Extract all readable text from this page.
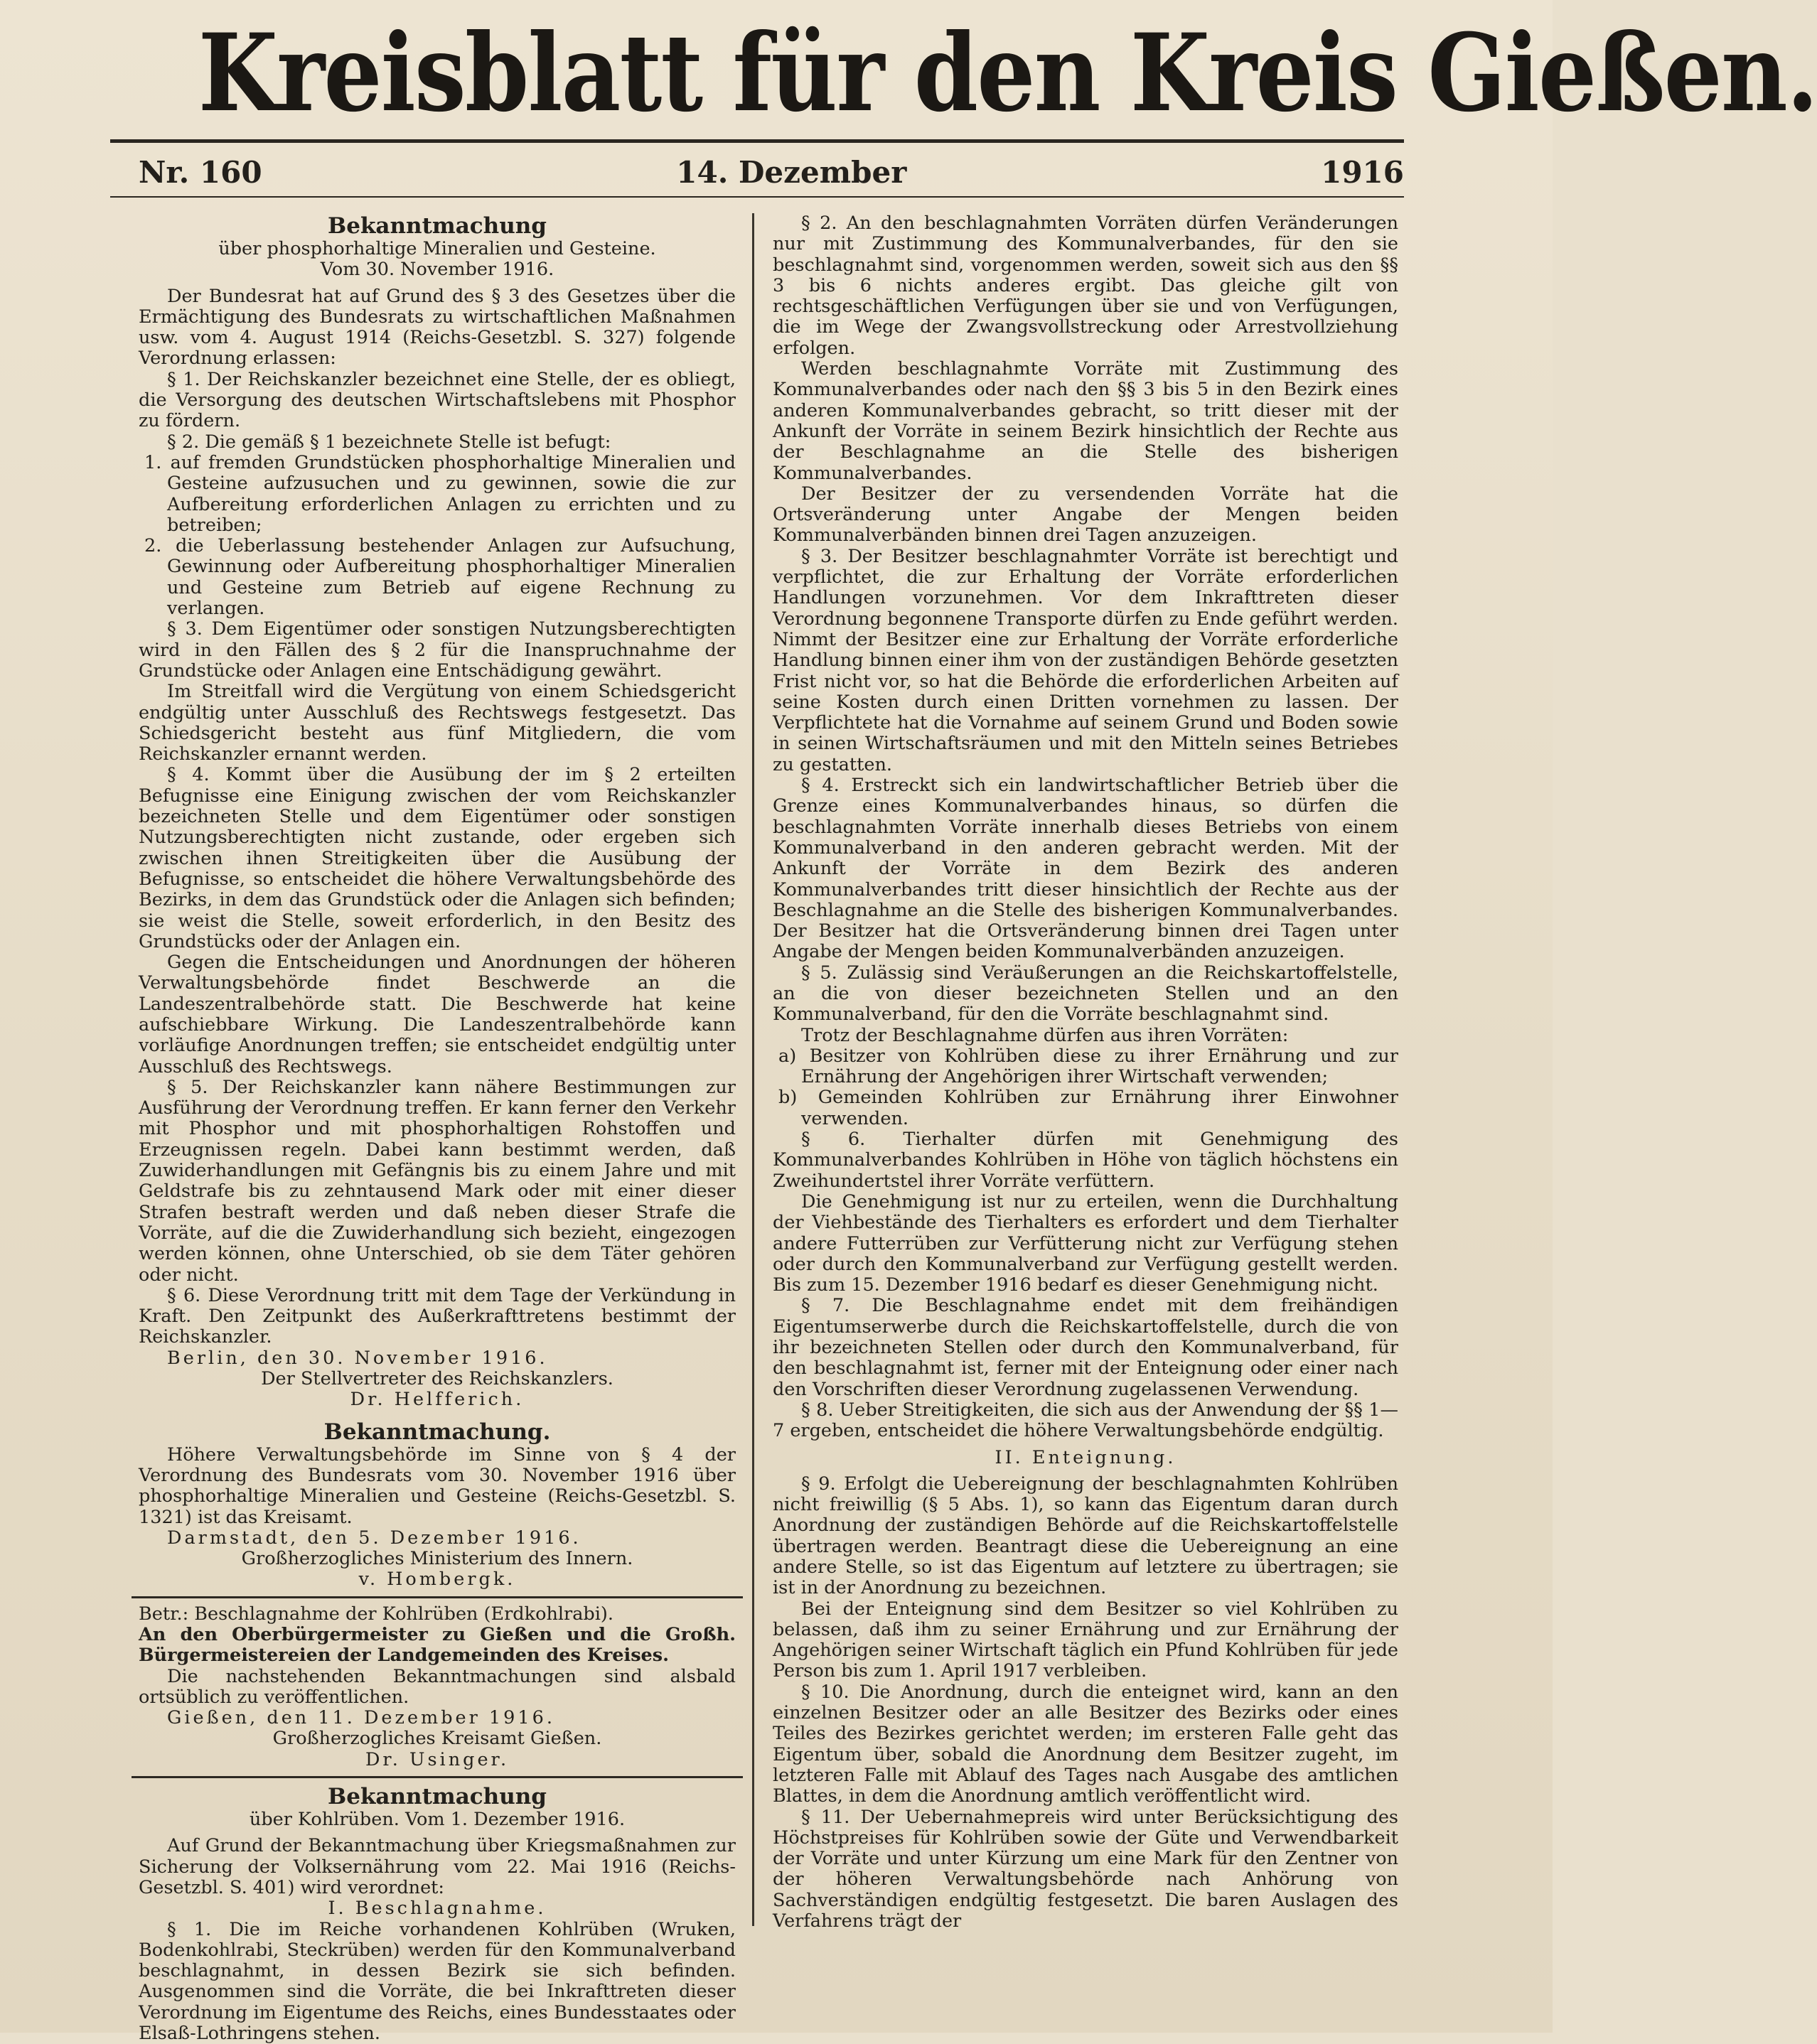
Kreisblatt für den Kreis Gießen.
Nr. 160	14. Dezember	1916

Bekanntmachung

über phosphorhaltige Mineralien und Gesteine.

Vom 30. November 1916.

Der Bundesrat hat auf Grund des § 3 des Gesetzes über die Ermächtigung des Bundesrats zu wirtschaftlichen Maßnahmen usw. vom 4. August 1914 (Reichs-Gesetzbl. S. 327) folgende Verordnung erlassen:

§ 1. Der Reichskanzler bezeichnet eine Stelle, der es obliegt, die Versorgung des deutschen Wirtschaftslebens mit Phosphor zu fördern.

§ 2. Die gemäß § 1 bezeichnete Stelle ist befugt:

1. auf fremden Grundstücken phosphorhaltige Mineralien und Gesteine aufzusuchen und zu gewinnen, sowie die zur Aufbereitung erforderlichen Anlagen zu errichten und zu betreiben;

2. die Ueberlassung bestehender Anlagen zur Aufsuchung, Gewinnung oder Aufbereitung phosphorhaltiger Mineralien und Gesteine zum Betrieb auf eigene Rechnung zu verlangen.

§ 3. Dem Eigentümer oder sonstigen Nutzungsberechtigten wird in den Fällen des § 2 für die Inanspruchnahme der Grundstücke oder Anlagen eine Entschädigung gewährt.

Im Streitfall wird die Vergütung von einem Schiedsgericht endgültig unter Ausschluß des Rechtswegs festgesetzt. Das Schiedsgericht besteht aus fünf Mitgliedern, die vom Reichskanzler ernannt werden.

§ 4. Kommt über die Ausübung der im § 2 erteilten Befugnisse eine Einigung zwischen der vom Reichskanzler bezeichneten Stelle und dem Eigentümer oder sonstigen Nutzungsberechtigten nicht zustande, oder ergeben sich zwischen ihnen Streitigkeiten über die Ausübung der Befugnisse, so entscheidet die höhere Verwaltungsbehörde des Bezirks, in dem das Grundstück oder die Anlagen sich befinden; sie weist die Stelle, soweit erforderlich, in den Besitz des Grundstücks oder der Anlagen ein.

Gegen die Entscheidungen und Anordnungen der höheren Verwaltungsbehörde findet Beschwerde an die Landeszentralbehörde statt. Die Beschwerde hat keine aufschiebbare Wirkung. Die Landeszentralbehörde kann vorläufige Anordnungen treffen; sie entscheidet endgültig unter Ausschluß des Rechtswegs.

§ 5. Der Reichskanzler kann nähere Bestimmungen zur Ausführung der Verordnung treffen. Er kann ferner den Verkehr mit Phosphor und mit phosphorhaltigen Rohstoffen und Erzeugnissen regeln. Dabei kann bestimmt werden, daß Zuwiderhandlungen mit Gefängnis bis zu einem Jahre und mit Geldstrafe bis zu zehntausend Mark oder mit einer dieser Strafen bestraft werden und daß neben dieser Strafe die Vorräte, auf die die Zuwiderhandlung sich bezieht, eingezogen werden können, ohne Unterschied, ob sie dem Täter gehören oder nicht.

§ 6. Diese Verordnung tritt mit dem Tage der Verkündung in Kraft. Den Zeitpunkt des Außerkrafttretens bestimmt der Reichskanzler.

Berlin, den 30. November 1916.

Der Stellvertreter des Reichskanzlers.

Dr. Helfferich.

Bekanntmachung.

Höhere Verwaltungsbehörde im Sinne von § 4 der Verordnung des Bundesrats vom 30. November 1916 über phosphorhaltige Mineralien und Gesteine (Reichs-Gesetzbl. S. 1321) ist das Kreisamt.

Darmstadt, den 5. Dezember 1916.

Großherzogliches Ministerium des Innern.

v. Hombergk.

Betr.: Beschlagnahme der Kohlrüben (Erdkohlrabi).

An den Oberbürgermeister zu Gießen und die Großh. Bürgermeistereien der Landgemeinden des Kreises.

Die nachstehenden Bekanntmachungen sind alsbald ortsüblich zu veröffentlichen.

Gießen, den 11. Dezember 1916.

Großherzogliches Kreisamt Gießen.

Dr. Usinger.

Bekanntmachung

über Kohlrüben. Vom 1. Dezember 1916.

Auf Grund der Bekanntmachung über Kriegsmaßnahmen zur Sicherung der Volksernährung vom 22. Mai 1916 (Reichs-Gesetzbl. S. 401) wird verordnet:

I. Beschlagnahme.

§ 1. Die im Reiche vorhandenen Kohlrüben (Wruken, Bodenkohlrabi, Steckrüben) werden für den Kommunalverband beschlagnahmt, in dessen Bezirk sie sich befinden. Ausgenommen sind die Vorräte, die bei Inkrafttreten dieser Verordnung im Eigentume des Reichs, eines Bundesstaates oder Elsaß-Lothringens stehen.

§ 2. An den beschlagnahmten Vorräten dürfen Veränderungen nur mit Zustimmung des Kommunalverbandes, für den sie beschlagnahmt sind, vorgenommen werden, soweit sich aus den §§ 3 bis 6 nichts anderes ergibt. Das gleiche gilt von rechtsgeschäftlichen Verfügungen über sie und von Verfügungen, die im Wege der Zwangsvollstreckung oder Arrestvollziehung erfolgen.

Werden beschlagnahmte Vorräte mit Zustimmung des Kommunalverbandes oder nach den §§ 3 bis 5 in den Bezirk eines anderen Kommunalverbandes gebracht, so tritt dieser mit der Ankunft der Vorräte in seinem Bezirk hinsichtlich der Rechte aus der Beschlagnahme an die Stelle des bisherigen Kommunalverbandes.

Der Besitzer der zu versendenden Vorräte hat die Ortsveränderung unter Angabe der Mengen beiden Kommunalverbänden binnen drei Tagen anzuzeigen.

§ 3. Der Besitzer beschlagnahmter Vorräte ist berechtigt und verpflichtet, die zur Erhaltung der Vorräte erforderlichen Handlungen vorzunehmen. Vor dem Inkrafttreten dieser Verordnung begonnene Transporte dürfen zu Ende geführt werden. Nimmt der Besitzer eine zur Erhaltung der Vorräte erforderliche Handlung binnen einer ihm von der zuständigen Behörde gesetzten Frist nicht vor, so hat die Behörde die erforderlichen Arbeiten auf seine Kosten durch einen Dritten vornehmen zu lassen. Der Verpflichtete hat die Vornahme auf seinem Grund und Boden sowie in seinen Wirtschaftsräumen und mit den Mitteln seines Betriebes zu gestatten.

§ 4. Erstreckt sich ein landwirtschaftlicher Betrieb über die Grenze eines Kommunalverbandes hinaus, so dürfen die beschlagnahmten Vorräte innerhalb dieses Betriebs von einem Kommunalverband in den anderen gebracht werden. Mit der Ankunft der Vorräte in dem Bezirk des anderen Kommunalverbandes tritt dieser hinsichtlich der Rechte aus der Beschlagnahme an die Stelle des bisherigen Kommunalverbandes. Der Besitzer hat die Ortsveränderung binnen drei Tagen unter Angabe der Mengen beiden Kommunalverbänden anzuzeigen.

§ 5. Zulässig sind Veräußerungen an die Reichskartoffelstelle, an die von dieser bezeichneten Stellen und an den Kommunalverband, für den die Vorräte beschlagnahmt sind.

Trotz der Beschlagnahme dürfen aus ihren Vorräten:

a) Besitzer von Kohlrüben diese zu ihrer Ernährung und zur Ernährung der Angehörigen ihrer Wirtschaft verwenden;

b) Gemeinden Kohlrüben zur Ernährung ihrer Einwohner verwenden.

§ 6. Tierhalter dürfen mit Genehmigung des Kommunalverbandes Kohlrüben in Höhe von täglich höchstens ein Zweihundertstel ihrer Vorräte verfüttern.

Die Genehmigung ist nur zu erteilen, wenn die Durchhaltung der Viehbestände des Tierhalters es erfordert und dem Tierhalter andere Futterrüben zur Verfütterung nicht zur Verfügung stehen oder durch den Kommunalverband zur Verfügung gestellt werden. Bis zum 15. Dezember 1916 bedarf es dieser Genehmigung nicht.

§ 7. Die Beschlagnahme endet mit dem freihändigen Eigentumserwerbe durch die Reichskartoffelstelle, durch die von ihr bezeichneten Stellen oder durch den Kommunalverband, für den beschlagnahmt ist, ferner mit der Enteignung oder einer nach den Vorschriften dieser Verordnung zugelassenen Verwendung.

§ 8. Ueber Streitigkeiten, die sich aus der Anwendung der §§ 1—7 ergeben, entscheidet die höhere Verwaltungsbehörde endgültig.

II. Enteignung.

§ 9. Erfolgt die Uebereignung der beschlagnahmten Kohlrüben nicht freiwillig (§ 5 Abs. 1), so kann das Eigentum daran durch Anordnung der zuständigen Behörde auf die Reichskartoffelstelle übertragen werden. Beantragt diese die Uebereignung an eine andere Stelle, so ist das Eigentum auf letztere zu übertragen; sie ist in der Anordnung zu bezeichnen.

Bei der Enteignung sind dem Besitzer so viel Kohlrüben zu belassen, daß ihm zu seiner Ernährung und zur Ernährung der Angehörigen seiner Wirtschaft täglich ein Pfund Kohlrüben für jede Person bis zum 1. April 1917 verbleiben.

§ 10. Die Anordnung, durch die enteignet wird, kann an den einzelnen Besitzer oder an alle Besitzer des Bezirks oder eines Teiles des Bezirkes gerichtet werden; im ersteren Falle geht das Eigentum über, sobald die Anordnung dem Besitzer zugeht, im letzteren Falle mit Ablauf des Tages nach Ausgabe des amtlichen Blattes, in dem die Anordnung amtlich veröffentlicht wird.

§ 11. Der Uebernahmepreis wird unter Berücksichtigung des Höchstpreises für Kohlrüben sowie der Güte und Verwendbarkeit der Vorräte und unter Kürzung um eine Mark für den Zentner von der höheren Verwaltungsbehörde nach Anhörung von Sachverständigen endgültig festgesetzt. Die baren Auslagen des Verfahrens trägt der
